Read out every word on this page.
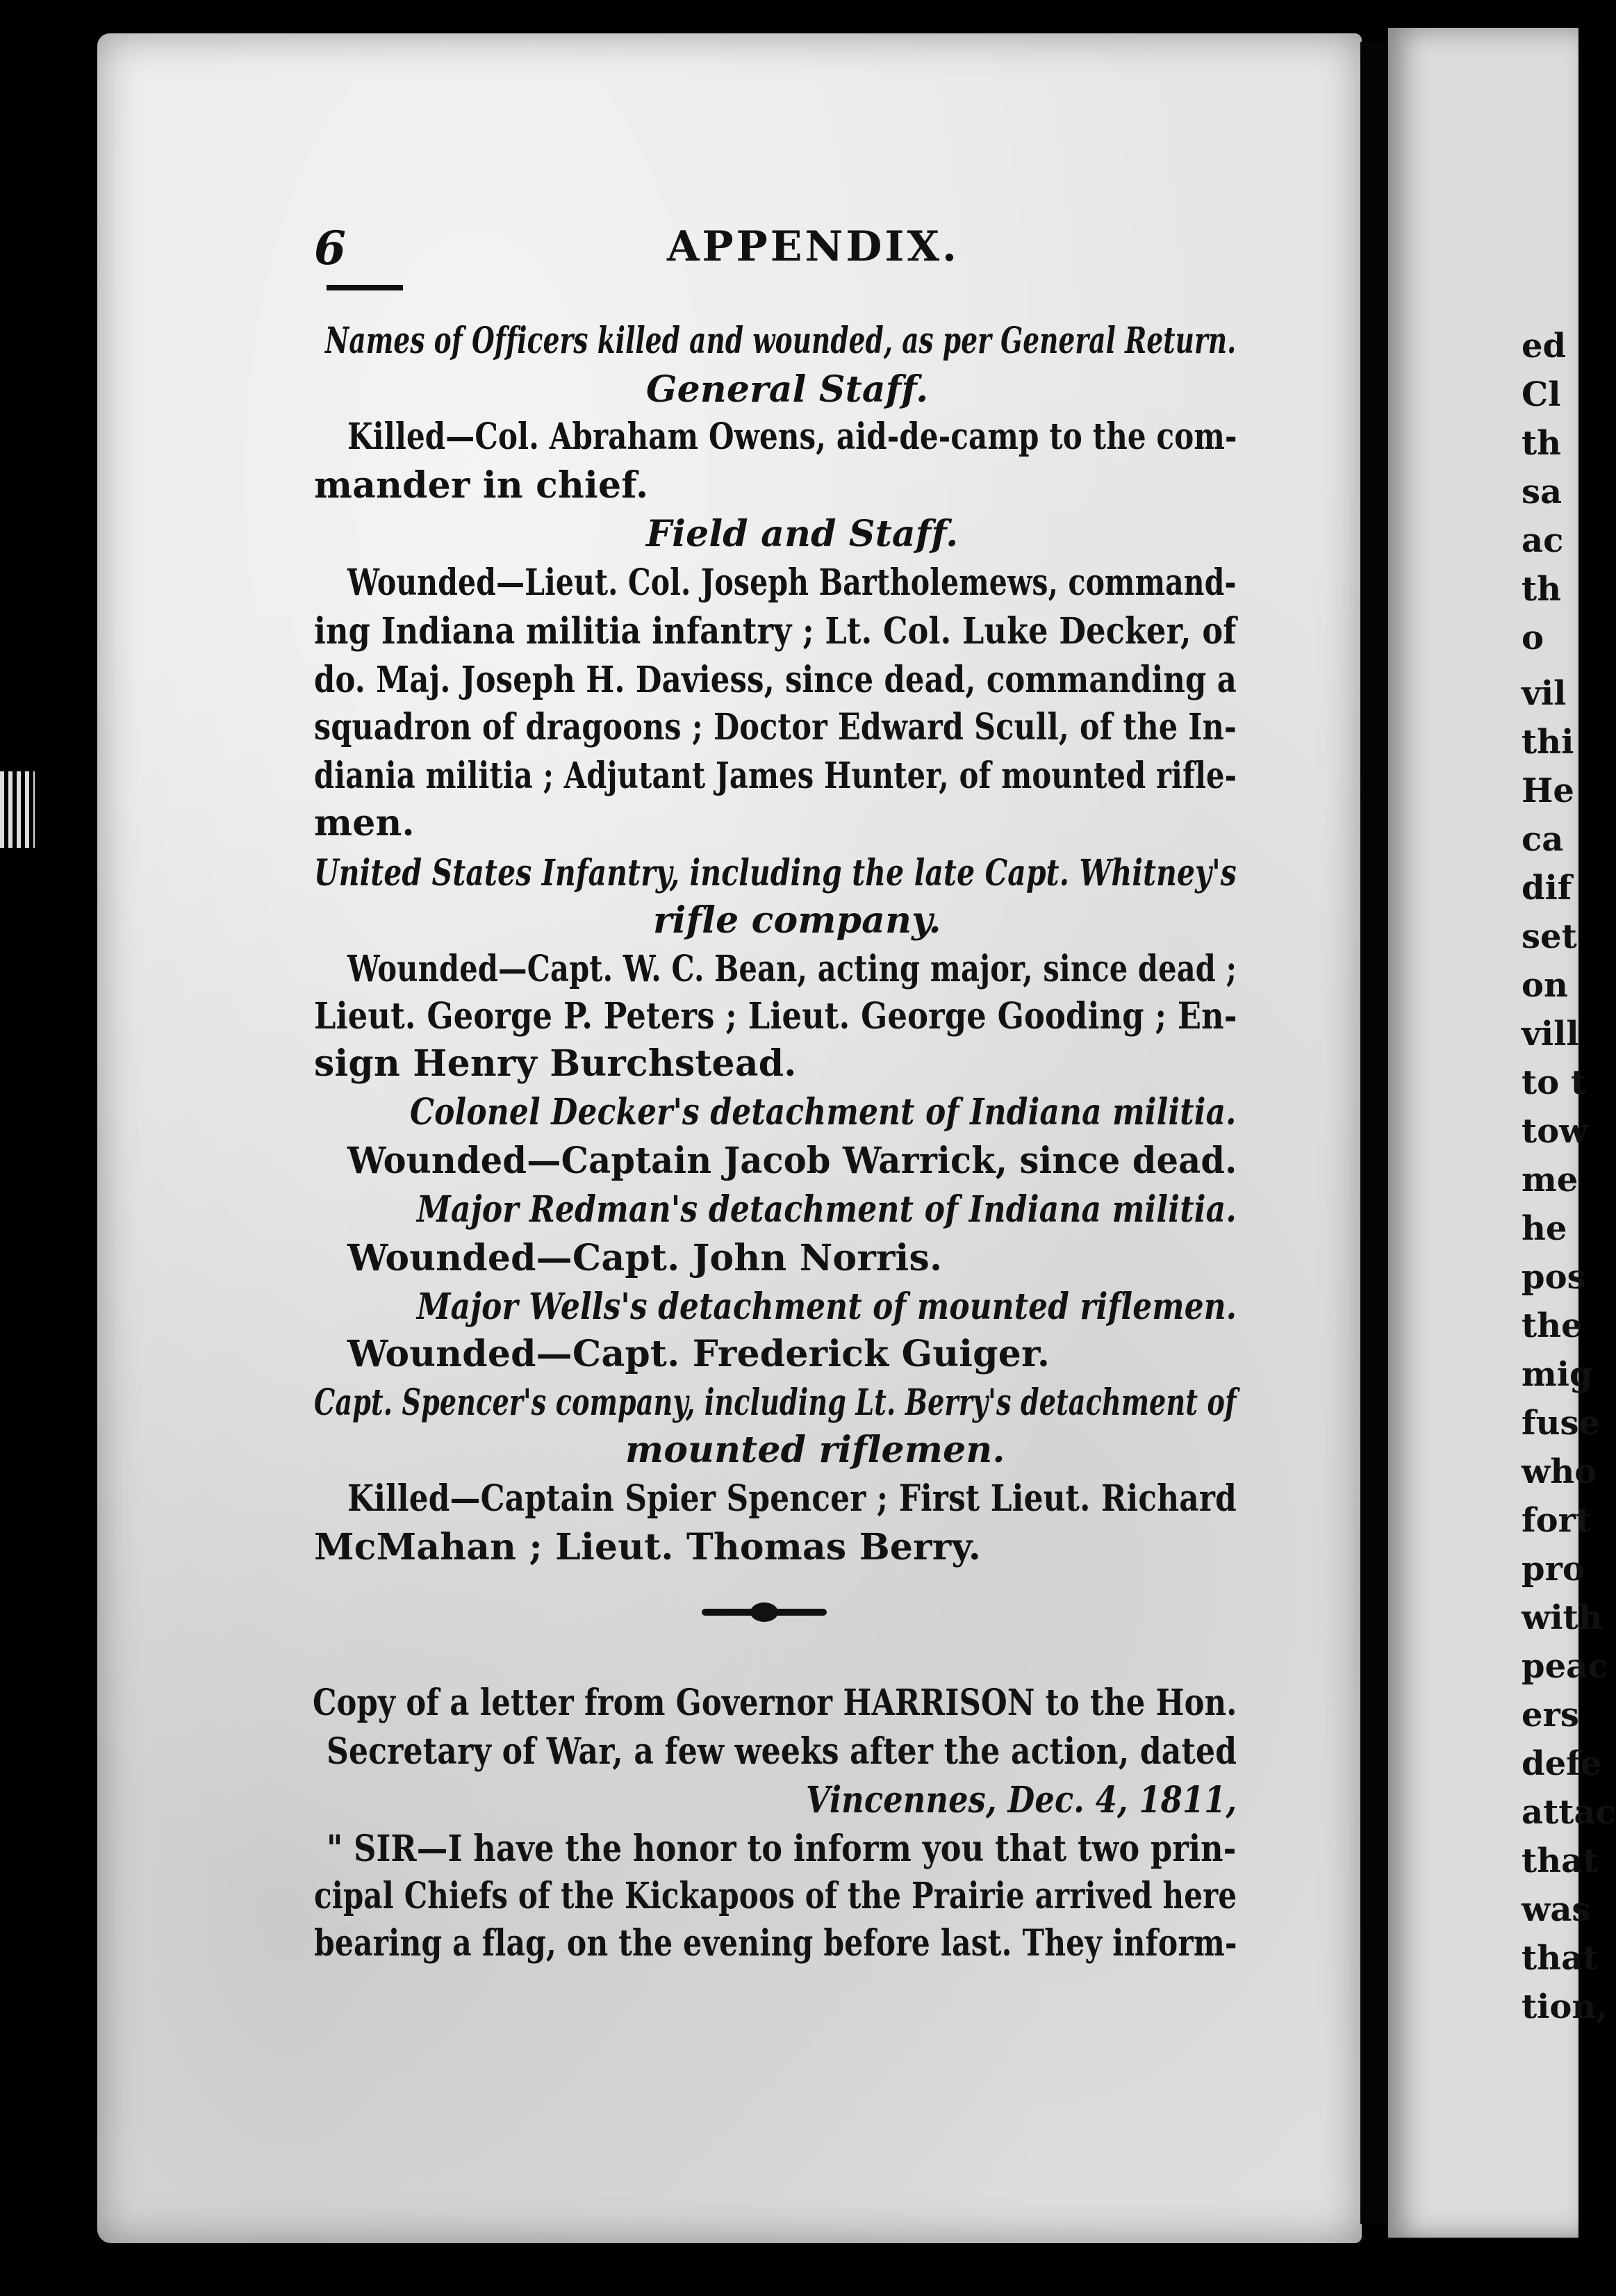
6	APPENDIX.
Names of Officers killed and wounded, as per General Return.
General Staff.
Killed—Col. Abraham Owens, aid-de-camp to the com-
mander in chief.
Field and Staff.
Wounded—Lieut. Col. Joseph Bartholemews, command-
ing Indiana militia infantry ; Lt. Col. Luke Decker, of
do. Maj. Joseph H. Daviess, since dead, commanding a
squadron of dragoons ; Doctor Edward Scull, of the In-
diania militia ; Adjutant James Hunter, of mounted rifle-
men.
United States Infantry, including the late Capt. Whitney's
rifle company.
Wounded—Capt. W. C. Bean, acting major, since dead ;
Lieut. George P. Peters ; Lieut. George Gooding ; En-
sign Henry Burchstead.
Colonel Decker's detachment of Indiana militia.
Wounded—Captain Jacob Warrick, since dead.
Major Redman's detachment of Indiana militia.
Wounded—Capt. John Norris.
Major Wells's detachment of mounted riflemen.
Wounded—Capt. Frederick Guiger.
Capt. Spencer's company, including Lt. Berry's detachment of
mounted riflemen.
Killed—Captain Spier Spencer ; First Lieut. Richard
McMahan ; Lieut. Thomas Berry.
Copy of a letter from Governor HARRISON to the Hon.
Secretary of War, a few weeks after the action, dated
Vincennes, Dec. 4, 1811,
" SIR—I have the honor to inform you that two prin-
cipal Chiefs of the Kickapoos of the Prairie arrived here
bearing a flag, on the evening before last. They inform-
ed
Cl
th
sa
ac
th
o
vil
thi
He
ca
dif
set
on
vill
to t
tow
me
he
pos
the
mig
fuse
who
fort
pro
with
peac
ers
defe
attac
that
was
that
tion,
